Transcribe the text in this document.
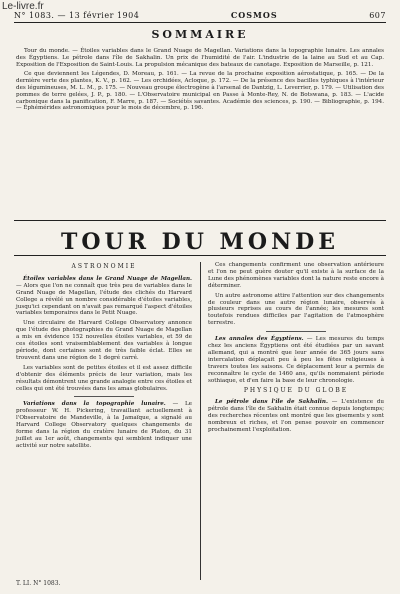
Le-livre.fr
N° 1083. — 13 février 1904	COSMOS	607
SOMMAIRE

Tour du monde. — Étoiles variables dans le Grand Nuage de Magellan. Variations dans la topographie lunaire. Les annales des Égyptiens. Le pétrole dans l'île de Sakhalin. Un prix de l'humidité de l'air. L'industrie de la laine au Sud et au Cap. Exposition de l'Exposition de Saint-Louis. La propulsion mécanique des bateaux de canotage. Exposition de Marseille, p. 121.

Ce que deviennent les Légendes, D. Moreau, p. 161. — La revue de la prochaine exposition aérostatique, p. 165. — De la dernière verte des plantes, K. V., p. 162. — Les orchidées, Acloque, p. 172. — De la présence des bacilles typhiques à l'intérieur des légumineuses, M. L. M., p. 175. — Nouveau groupe électrogène à l'arsenal de Dantzig, L. Leverrier, p. 179. — Utilisation des pommes de terre gelées, J. P., p. 180. — L'Observatoire municipal en Passe à Monte-Rey, N. de Botswana, p. 183. — L'acide carbonique dans la panification, F. Marre, p. 187. — Sociétés savantes. Académie des sciences, p. 190. — Bibliographie, p. 194. — Éphémérides astronomiques pour le mois de décembre, p. 196.

TOUR DU MONDE
ASTRONOMIE

Étoiles variables dans le Grand Nuage de Magellan. — Alors que l'on ne connaît que très peu de variables dans le Grand Nuage de Magellan, l'étude des clichés du Harvard College a révélé un nombre considérable d'étoiles variables, jusqu'ici cependant on n'avait pas remarqué l'aspect d'étoiles variables temporaires dans le Petit Nuage.

Une circulaire de Harvard College Observatory annonce que l'étude des photographies du Grand Nuage de Magellan a mis en évidence 152 nouvelles étoiles variables, et 59 de ces étoiles sont vraisemblablement des variables à longue période, dont certaines sont de très faible éclat. Elles se trouvent dans une région de 1 degré carré.

Les variables sont de petites étoiles et il est assez difficile d'obtenir des éléments précis de leur variation, mais les résultats démontrent une grande analogie entre ces étoiles et celles qui ont été trouvées dans les amas globulaires.

Variations dans la topographie lunaire. — Le professeur W. H. Pickering, travaillant actuellement à l'Observatoire de Mandeville, à la Jamaïque, a signalé au Harvard College Observatory quelques changements de forme dans la région du cratère lunaire de Platon, du 31 juillet au 1er août, changements qui semblent indiquer une activité sur notre satellite.

Ces changements confirment une observation antérieure et l'on ne peut guère douter qu'il existe à la surface de la Lune des phénomènes variables dont la nature reste encore à déterminer.

Un autre astronome attire l'attention sur des changements de couleur dans une autre région lunaire, observés à plusieurs reprises au cours de l'année; les mesures sont toutefois rendues difficiles par l'agitation de l'atmosphère terrestre.

Les annales des Égyptiens. — Les mesures du temps chez les anciens Égyptiens ont été étudiées par un savant allemand, qui a montré que leur année de 365 jours sans intercalation déplaçait peu à peu les fêtes religieuses à travers toutes les saisons. Ce déplacement leur a permis de reconnaître le cycle de 1460 ans, qu'ils nommaient période sothiaque, et d'en faire la base de leur chronologie.

PHYSIQUE DU GLOBE

Le pétrole dans l'île de Sakhalin. — L'existence du pétrole dans l'île de Sakhalin était connue depuis longtemps; des recherches récentes ont montré que les gisements y sont nombreux et riches, et l'on pense pouvoir en commencer prochainement l'exploitation.

T. LI. N° 1083.
